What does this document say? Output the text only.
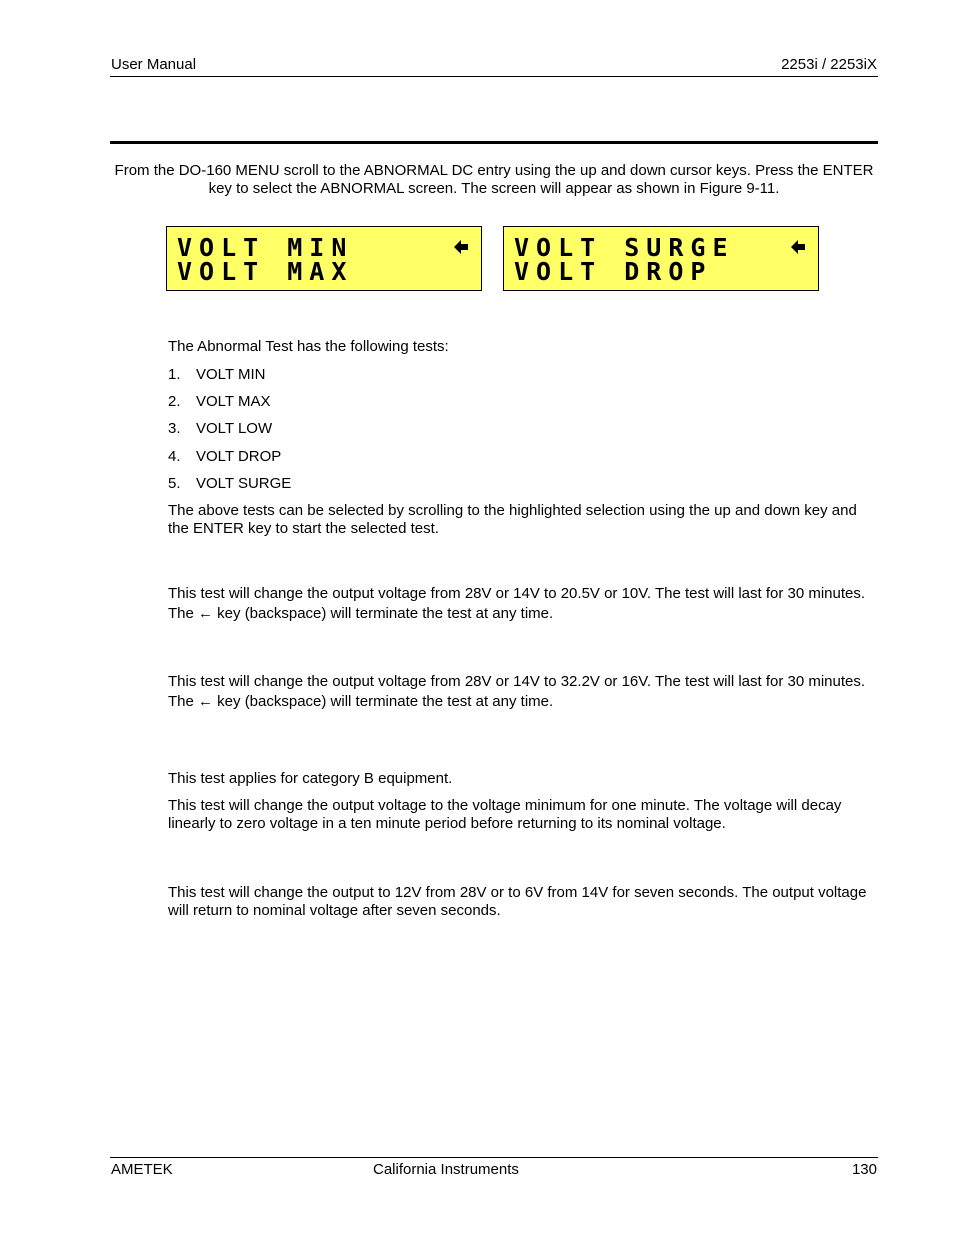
User Manual	2253i / 2253iX
From the DO-160 MENU scroll to the ABNORMAL DC entry using the up and down cursor keys. Press the ENTER key to select the ABNORMAL screen. The screen will appear as shown in Figure 9-11.
VOLT MIN
VOLT MAX
VOLT SURGE
VOLT DROP
The Abnormal Test has the following tests:
1. VOLT MIN
2. VOLT MAX
3. VOLT LOW
4. VOLT DROP
5. VOLT SURGE
The above tests can be selected by scrolling to the highlighted selection using the up and down key and the ENTER key to start the selected test.
This test will change the output voltage from 28V or 14V to 20.5V or 10V. The test will last for 30 minutes. The ← key (backspace) will terminate the test at any time.
This test will change the output voltage from 28V or 14V to 32.2V or 16V. The test will last for 30 minutes. The ← key (backspace) will terminate the test at any time.
This test applies for category B equipment.
This test will change the output voltage to the voltage minimum for one minute. The voltage will decay linearly to zero voltage in a ten minute period before returning to its nominal voltage.
This test will change the output to 12V from 28V or to 6V from 14V for seven seconds. The output voltage will return to nominal voltage after seven seconds.
AMETEK	California Instruments	130
